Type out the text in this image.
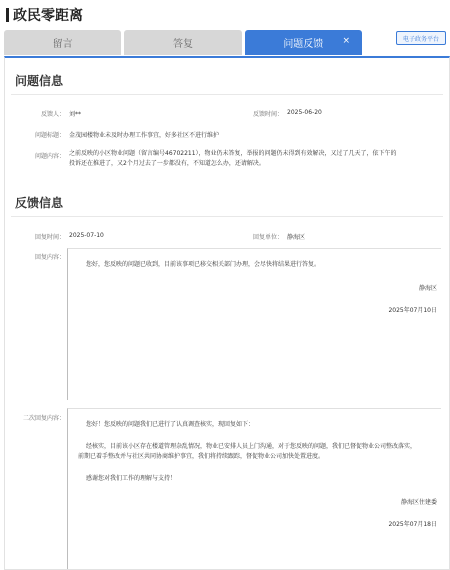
政民零距离
留言	答复	问题反馈 ×	电子政务平台
问题信息
反馈人： 刘**	反馈时间： 2025-06-20
问题标题： 金茂园楼物业未及时办理工作事宜，好多社区不进行维护
问题内容： 之前反映的小区物业问题（留言编号46702211），物业仍未答复，举报的问题仍未得到有效解决，又过了几天了，依下午的
投诉还在推进了，又2个月过去了一步都没有，不知道怎么办，还请解决。
反馈信息
回复时间： 2025-07-10	回复单位： 静海区
回复内容：
您好，您反映的问题已收到，目前该事项已移交相关部门办理，会尽快将结果进行答复。
静海区
2025年07月10日
二次回复内容：
您好！您反映的问题我们已进行了认真调查核实，现回复如下：
经核实，目前该小区存在楼道管理杂乱情况，物业已安排人员上门沟通，对于您反映的问题，我们已督促物业公司整改落实，
前期已着手整改并与社区共同协商维护事宜，我们将持续跟踪，督促物业公司加快处置进度。
感谢您对我们工作的理解与支持！
静海区住建委
2025年07月18日
